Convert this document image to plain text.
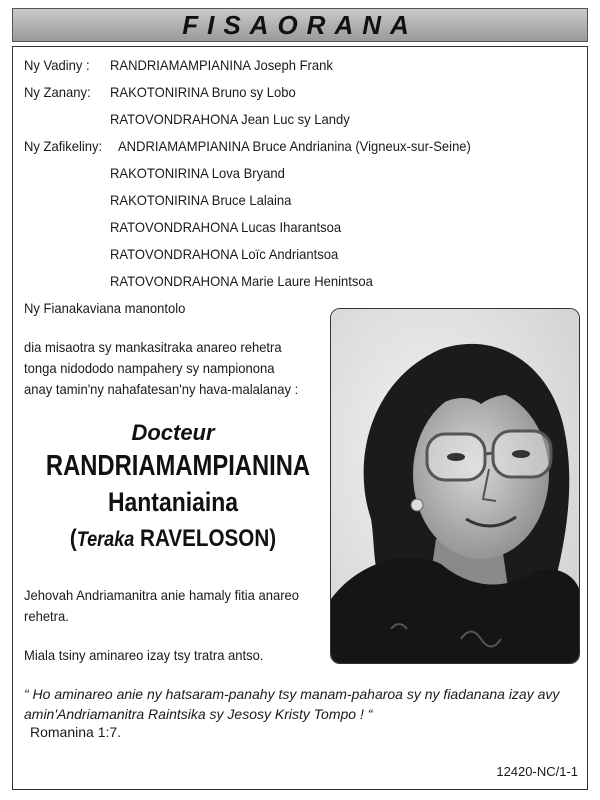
FISAORANA
Ny Vadiny : RANDRIAMAMPIANINA Joseph Frank
Ny Zanany: RAKOTONIRINA Bruno sy Lobo
RATOVONDRAHONA Jean Luc sy Landy
Ny Zafikeliny: ANDRIAMAMPIANINA Bruce Andrianina (Vigneux-sur-Seine)
RAKOTONIRINA Lova Bryand
RAKOTONIRINA Bruce Lalaina
RATOVONDRAHONA Lucas Iharantsoa
RATOVONDRAHONA Loïc Andriantsoa
RATOVONDRAHONA Marie Laure Henintsoa
Ny Fianakaviana manontolo
dia misaotra sy mankasitraka anareo rehetra
tonga nidododo nampahery sy nampionona
anay tamin'ny nahafatesan'ny hava-malalanay :
Docteur
RANDRIAMAMPIANINA
Hantaniaina
(Teraka RAVELOSON)
Jehovah Andriamanitra anie hamaly fitia anareo
rehetra.
Miala tsiny aminareo izay tsy tratra antso.
“ Ho aminareo anie ny hatsaram-panahy tsy manam-paharoa sy ny fiadanana izay avy
amin'Andriamanitra Raintsika sy Jesosy Kristy Tompo ! “
Romanina 1:7.
12420-NC/1-1
